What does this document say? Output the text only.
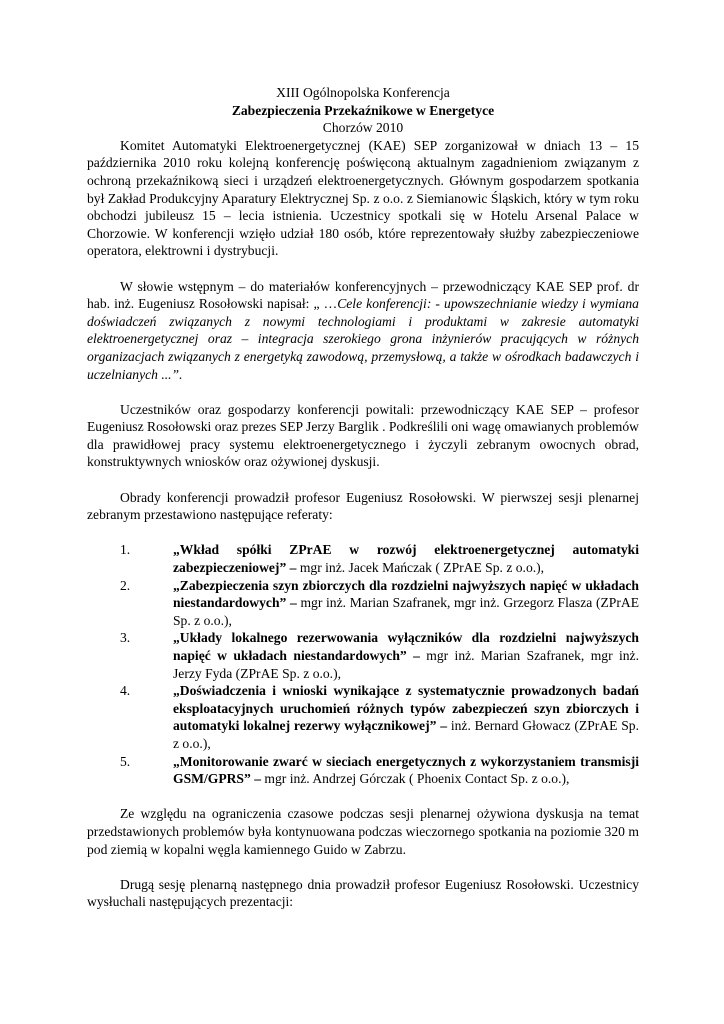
XIII Ogólnopolska Konferencja
Zabezpieczenia Przekaźnikowe w Energetyce
Chorzów 2010

Komitet Automatyki Elektroenergetycznej (KAE) SEP zorganizował w dniach 13 – 15 października 2010 roku kolejną konferencję poświęconą aktualnym zagadnieniom związanym z ochroną przekaźnikową sieci i urządzeń elektroenergetycznych. Głównym gospodarzem spotkania był Zakład Produkcyjny Aparatury Elektrycznej Sp. z o.o. z Siemianowic Śląskich, który w tym roku obchodzi jubileusz 15 – lecia istnienia. Uczestnicy spotkali się w Hotelu Arsenal Palace w Chorzowie. W konferencji wzięło udział 180 osób, które reprezentowały służby zabezpieczeniowe operatora, elektrowni i dystrybucji.

W słowie wstępnym – do materiałów konferencyjnych – przewodniczący KAE SEP prof. dr hab. inż. Eugeniusz Rosołowski napisał: „ …Cele konferencji: - upowszechnianie wiedzy i wymiana doświadczeń związanych z nowymi technologiami i produktami w zakresie automatyki elektroenergetycznej oraz – integracja szerokiego grona inżynierów pracujących w różnych organizacjach związanych z energetyką zawodową, przemysłową, a także w ośrodkach badawczych i uczelnianych ...”.

Uczestników oraz gospodarzy konferencji powitali: przewodniczący KAE SEP – profesor Eugeniusz Rosołowski oraz prezes SEP Jerzy Barglik . Podkreślili oni wagę omawianych problemów dla prawidłowej pracy systemu elektroenergetycznego i życzyli zebranym owocnych obrad, konstruktywnych wniosków oraz ożywionej dyskusji.

Obrady konferencji prowadził profesor Eugeniusz Rosołowski. W pierwszej sesji plenarnej zebranym przestawiono następujące referaty:

1.	„Wkład spółki ZPrAE w rozwój elektroenergetycznej automatyki zabezpieczeniowej” – mgr inż. Jacek Mańczak ( ZPrAE Sp. z o.o.),
2.	„Zabezpieczenia szyn zbiorczych dla rozdzielni najwyższych napięć w układach niestandardowych” – mgr inż. Marian Szafranek, mgr inż. Grzegorz Flasza (ZPrAE Sp. z o.o.),
3.	„Układy lokalnego rezerwowania wyłączników dla rozdzielni najwyższych napięć w układach niestandardowych” – mgr inż. Marian Szafranek, mgr inż. Jerzy Fyda (ZPrAE Sp. z o.o.),
4.	„Doświadczenia i wnioski wynikające z systematycznie prowadzonych badań eksploatacyjnych uruchomień różnych typów zabezpieczeń szyn zbiorczych i automatyki lokalnej rezerwy wyłącznikowej” – inż. Bernard Głowacz (ZPrAE Sp. z o.o.),
5.	„Monitorowanie zwarć w sieciach energetycznych z wykorzystaniem transmisji GSM/GPRS” – mgr inż. Andrzej Górczak ( Phoenix Contact Sp. z o.o.),

Ze względu na ograniczenia czasowe podczas sesji plenarnej ożywiona dyskusja na temat przedstawionych problemów była kontynuowana podczas wieczornego spotkania na poziomie 320 m pod ziemią w kopalni węgla kamiennego Guido w Zabrzu.

Drugą sesję plenarną następnego dnia prowadził profesor Eugeniusz Rosołowski. Uczestnicy wysłuchali następujących prezentacji:
